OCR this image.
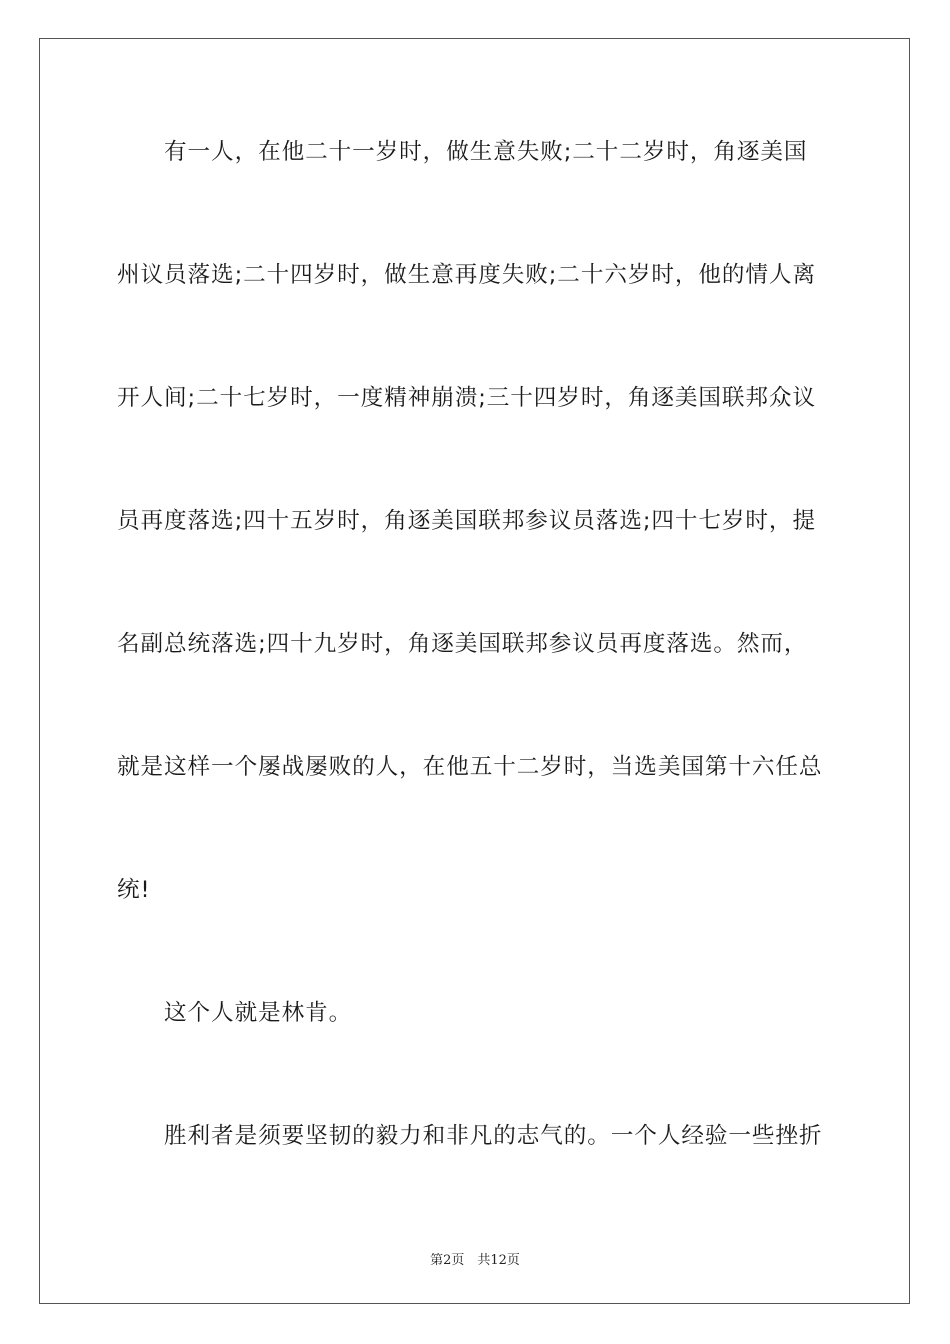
　　有一人，在他二十一岁时，做生意失败;二十二岁时，角逐美国
州议员落选;二十四岁时，做生意再度失败;二十六岁时，他的情人离
开人间;二十七岁时，一度精神崩溃;三十四岁时，角逐美国联邦众议
员再度落选;四十五岁时，角逐美国联邦参议员落选;四十七岁时，提
名副总统落选;四十九岁时，角逐美国联邦参议员再度落选。然而，
就是这样一个屡战屡败的人，在他五十二岁时，当选美国第十六任总
统!
　　这个人就是林肯。
　　胜利者是须要坚韧的毅力和非凡的志气的。一个人经验一些挫折
第2页　共12页
